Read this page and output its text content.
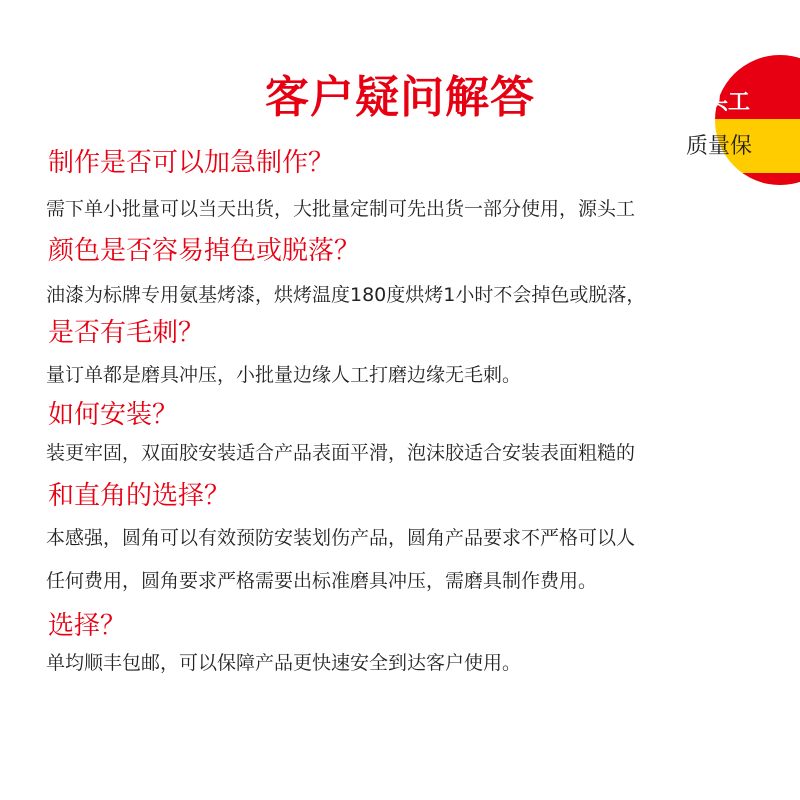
客户疑问解答	源头工
质量保
制作是否可以加急制作？
需下单小批量可以当天出货，大批量定制可先出货一部分使用，源头工
颜色是否容易掉色或脱落？
油漆为标牌专用氨基烤漆，烘烤温度180度烘烤1小时不会掉色或脱落，
是否有毛刺？
量订单都是磨具冲压，小批量边缘人工打磨边缘无毛刺。
如何安装？
装更牢固，双面胶安装适合产品表面平滑，泡沫胶适合安装表面粗糙的
和直角的选择？
本感强，圆角可以有效预防安装划伤产品，圆角产品要求不严格可以人
任何费用，圆角要求严格需要出标准磨具冲压，需磨具制作费用。
选择？
单均顺丰包邮，可以保障产品更快速安全到达客户使用。
